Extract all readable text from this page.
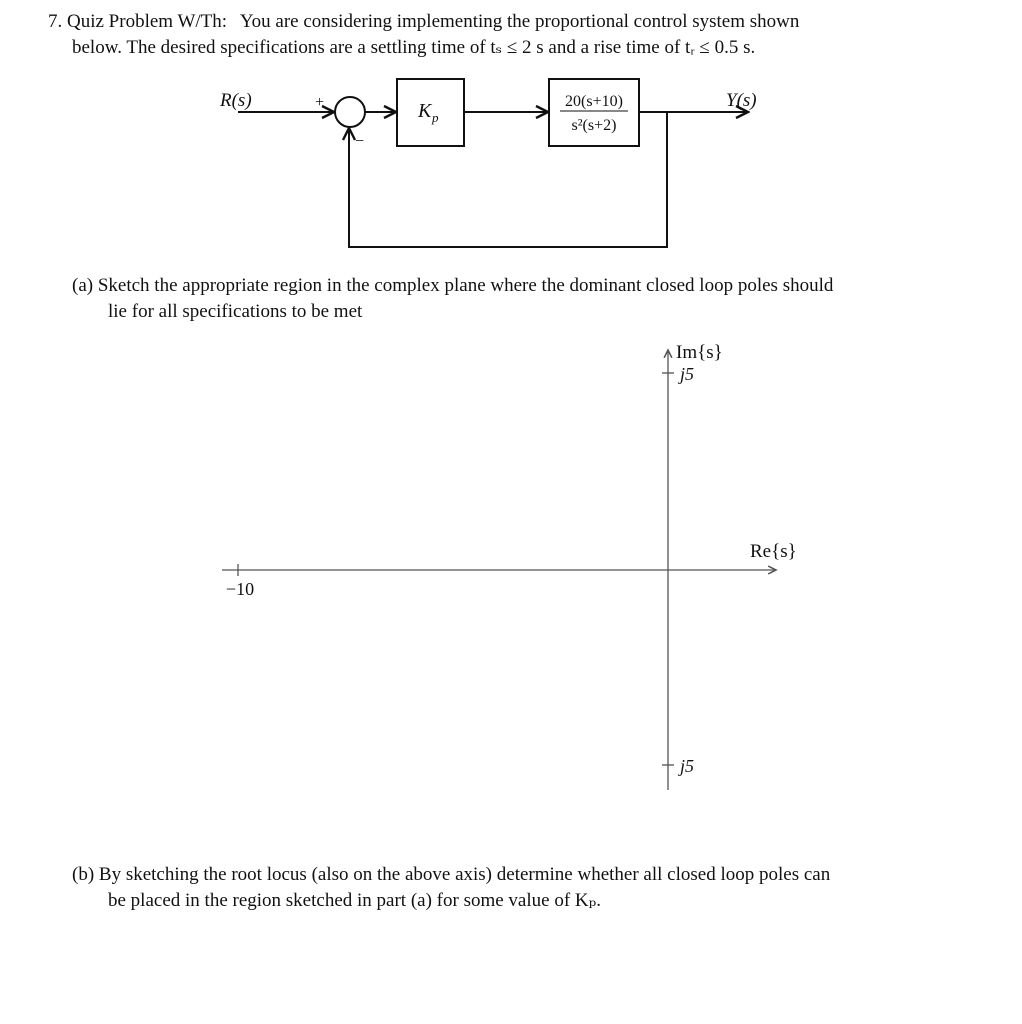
7. Quiz Problem W/Th: You are considering implementing the proportional control system shown
below. The desired specifications are a settling time of tₛ ≤ 2 s and a rise time of tᵣ ≤ 0.5 s.
R(s)	Y(s)
+
−
K p
20(s+10)
s²(s+2)
Im{s}
j5
j5
Re{s}
−10
(a) Sketch the appropriate region in the complex plane where the dominant closed loop poles should
lie for all specifications to be met
(b) By sketching the root locus (also on the above axis) determine whether all closed loop poles can
be placed in the region sketched in part (a) for some value of Kₚ.
